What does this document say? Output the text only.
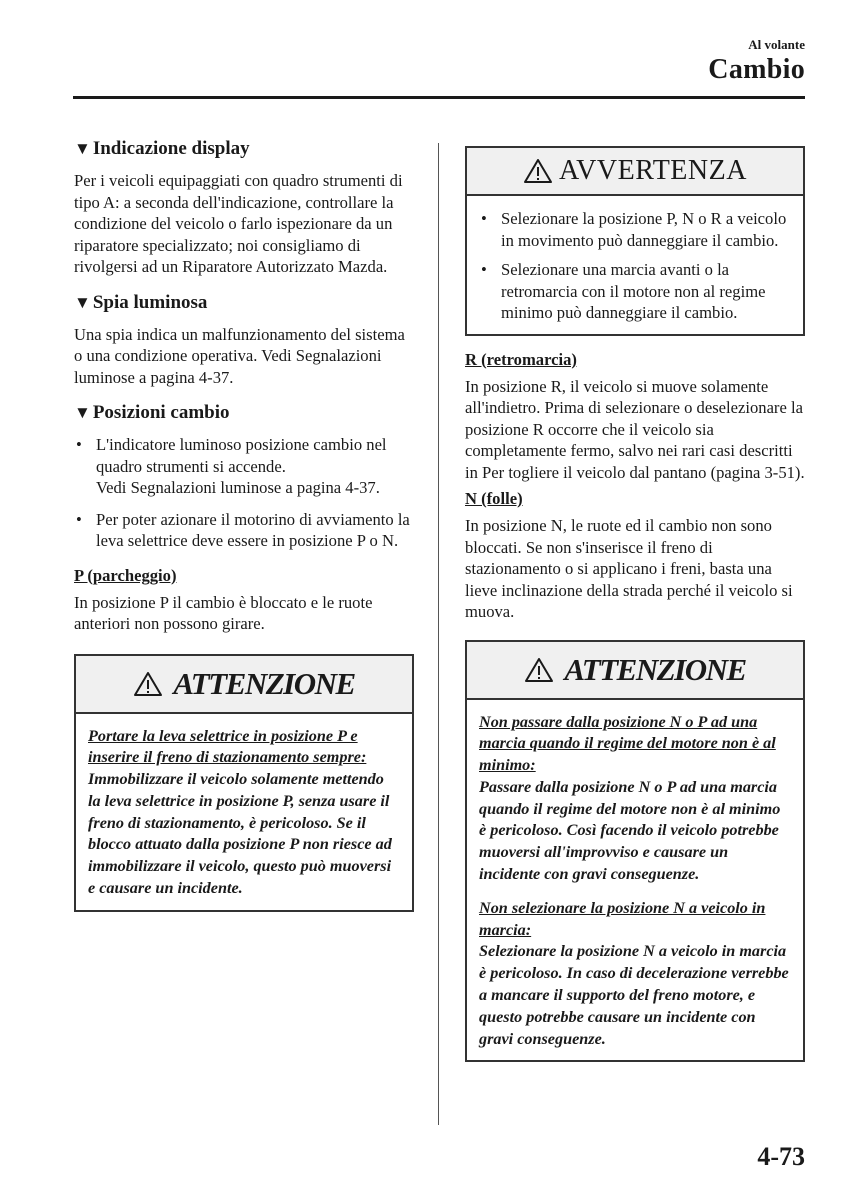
Al volante
Cambio
▼ Indicazione display

Per i veicoli equipaggiati con quadro strumenti di tipo A: a seconda dell'indicazione, controllare la condizione del veicolo o farlo ispezionare da un riparatore specializzato; noi consigliamo di rivolgersi ad un Riparatore Autorizzato Mazda.

▼ Spia luminosa

Una spia indica un malfunzionamento del sistema o una condizione operativa. Vedi Segnalazioni luminose a pagina 4-37.

▼ Posizioni cambio
• L'indicatore luminoso posizione cambio nel quadro strumenti si accende.
Vedi Segnalazioni luminose a pagina 4-37.
• Per poter azionare il motorino di avviamento la leva selettrice deve essere in posizione P o N.
P (parcheggio)

In posizione P il cambio è bloccato e le ruote anteriori non possono girare.

ATTENZIONE

Portare la leva selettrice in posizione P e inserire il freno di stazionamento sempre:

Immobilizzare il veicolo solamente mettendo la leva selettrice in posizione P, senza usare il freno di stazionamento, è pericoloso. Se il blocco attuato dalla posizione P non riesce ad immobilizzare il veicolo, questo può muoversi e causare un incidente.

AVVERTENZA
• Selezionare la posizione P, N o R a veicolo in movimento può danneggiare il cambio.
• Selezionare una marcia avanti o la retromarcia con il motore non al regime minimo può danneggiare il cambio.
R (retromarcia)

In posizione R, il veicolo si muove solamente all'indietro. Prima di selezionare o deselezionare la posizione R occorre che il veicolo sia completamente fermo, salvo nei rari casi descritti in Per togliere il veicolo dal pantano (pagina 3-51).

N (folle)

In posizione N, le ruote ed il cambio non sono bloccati. Se non s'inserisce il freno di stazionamento o si applicano i freni, basta una lieve inclinazione della strada perché il veicolo si muova.

ATTENZIONE

Non passare dalla posizione N o P ad una marcia quando il regime del motore non è al minimo:

Passare dalla posizione N o P ad una marcia quando il regime del motore non è al minimo è pericoloso. Così facendo il veicolo potrebbe muoversi all'improvviso e causare un incidente con gravi conseguenze.

Non selezionare la posizione N a veicolo in marcia:

Selezionare la posizione N a veicolo in marcia è pericoloso. In caso di decelerazione verrebbe a mancare il supporto del freno motore, e questo potrebbe causare un incidente con gravi conseguenze.

4-73
